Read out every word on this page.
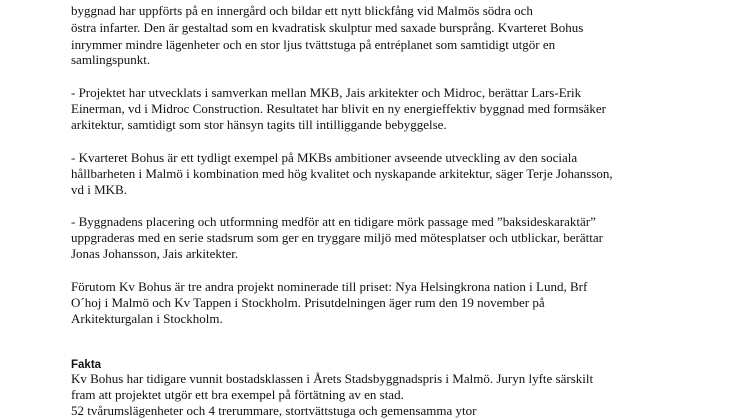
byggnad har uppförts på en innergård och bildar ett nytt blickfång vid Malmös södra och
östra infarter. Den är gestaltad som en kvadratisk skulptur med saxade bursprång. Kvarteret Bohus
inrymmer mindre lägenheter och en stor ljus tvättstuga på entréplanet som samtidigt utgör en
samlingspunkt.
- Projektet har utvecklats i samverkan mellan MKB, Jais arkitekter och Midroc, berättar Lars-Erik
Einerman, vd i Midroc Construction. Resultatet har blivit en ny energieffektiv byggnad med formsäker
arkitektur, samtidigt som stor hänsyn tagits till intilliggande bebyggelse.
- Kvarteret Bohus är ett tydligt exempel på MKBs ambitioner avseende utveckling av den sociala
hållbarheten i Malmö i kombination med hög kvalitet och nyskapande arkitektur, säger Terje Johansson,
vd i MKB.
- Byggnadens placering och utformning medför att en tidigare mörk passage med ”baksideskaraktär”
uppgraderas med en serie stadsrum som ger en tryggare miljö med mötesplatser och utblickar, berättar
Jonas Johansson, Jais arkitekter.
Förutom Kv Bohus är tre andra projekt nominerade till priset: Nya Helsingkrona nation i Lund, Brf
O´hoj i Malmö och Kv Tappen i Stockholm. Prisutdelningen äger rum den 19 november på
Arkitekturgalan i Stockholm.
Fakta
Kv Bohus har tidigare vunnit bostadsklassen i Årets Stadsbyggnadspris i Malmö. Juryn lyfte särskilt
fram att projektet utgör ett bra exempel på förtätning av en stad.
52 tvårumslägenheter och 4 trerummare, stortvättstuga och gemensamma ytor
